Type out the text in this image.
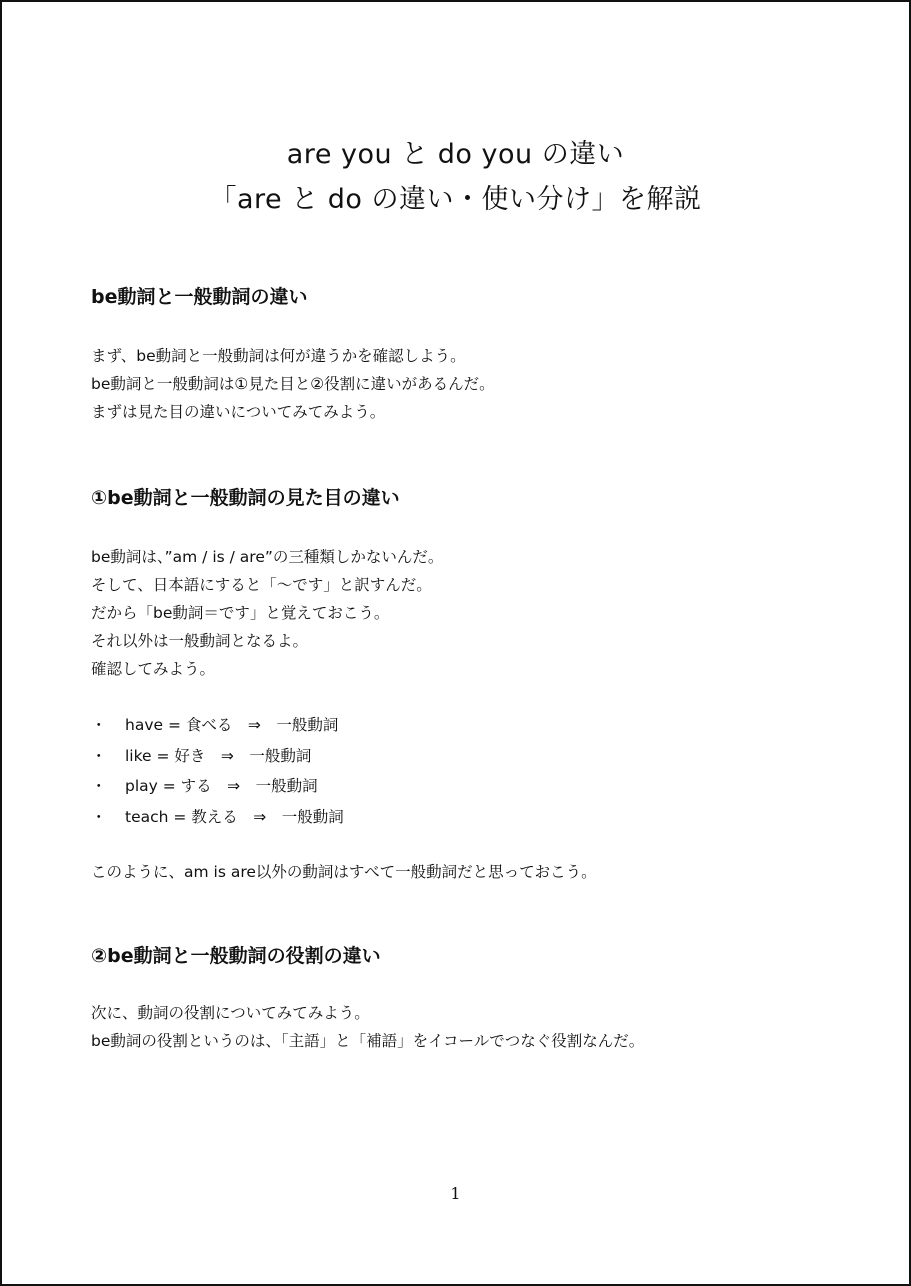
are you と do you の違い
「are と do の違い・使い分け」を解説
be動詞と一般動詞の違い

まず、be動詞と一般動詞は何が違うかを確認しよう。

be動詞と一般動詞は①見た目と②役割に違いがあるんだ。

まずは見た目の違いについてみてみよう。

①be動詞と一般動詞の見た目の違い

be動詞は、”am / is / are”の三種類しかないんだ。

そして、日本語にすると「～です」と訳すんだ。

だから「be動詞＝です」と覚えておこう。

それ以外は一般動詞となるよ。

確認してみよう。

・	have = 食べる　⇒　一般動詞
・	like = 好き　⇒　一般動詞
・	play = する　⇒　一般動詞
・	teach = 教える　⇒　一般動詞

このように、am is are以外の動詞はすべて一般動詞だと思っておこう。

②be動詞と一般動詞の役割の違い

次に、動詞の役割についてみてみよう。

be動詞の役割というのは、「主語」と「補語」をイコールでつなぐ役割なんだ。

1
